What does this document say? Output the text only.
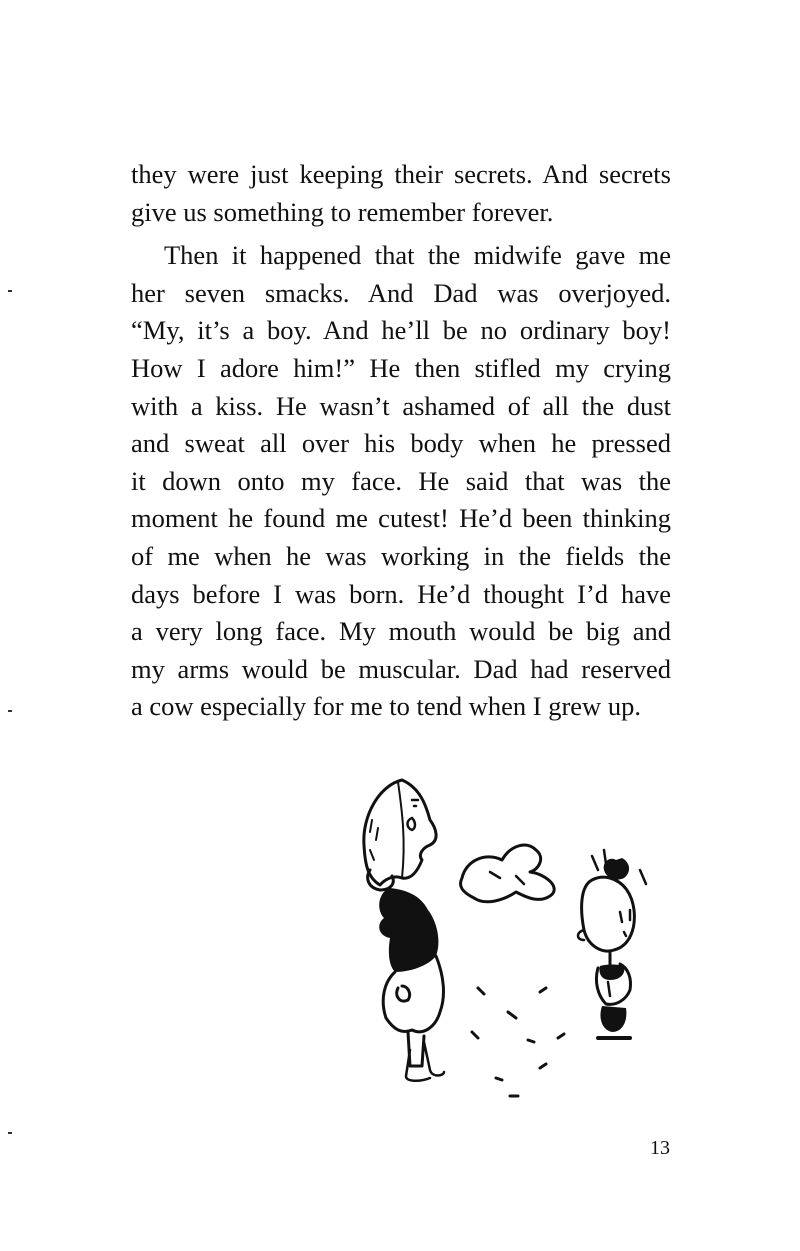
they were just keeping their secrets. And secrets
give us something to remember forever.

Then it happened that the midwife gave me
her seven smacks. And Dad was overjoyed.
“My, it’s a boy. And he’ll be no ordinary boy!
How I adore him!” He then stifled my crying
with a kiss. He wasn’t ashamed of all the dust
and sweat all over his body when he pressed
it down onto my face. He said that was the
moment he found me cutest! He’d been thinking
of me when he was working in the fields the
days before I was born. He’d thought I’d have
a very long face. My mouth would be big and
my arms would be muscular. Dad had reserved
a cow especially for me to tend when I grew up.

13
